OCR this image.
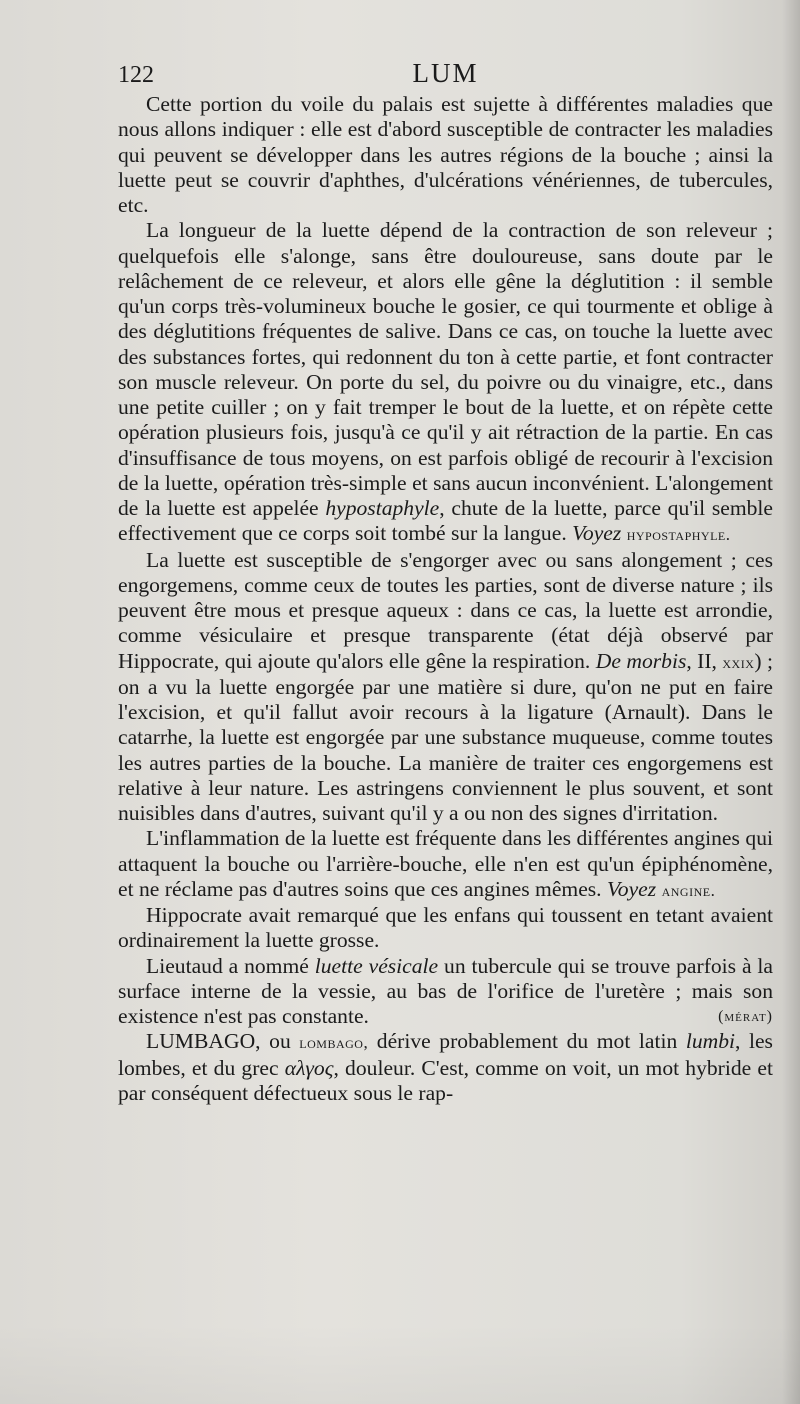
122	LUM

Cette portion du voile du palais est sujette à différentes maladies que nous allons indiquer : elle est d'abord susceptible de contracter les maladies qui peuvent se développer dans les autres régions de la bouche ; ainsi la luette peut se couvrir d'aphthes, d'ulcérations vénériennes, de tubercules, etc.

La longueur de la luette dépend de la contraction de son releveur ; quelquefois elle s'alonge, sans être douloureuse, sans doute par le relâchement de ce releveur, et alors elle gêne la déglutition : il semble qu'un corps très-volumineux bouche le gosier, ce qui tourmente et oblige à des déglutitions fréquentes de salive. Dans ce cas, on touche la luette avec des substances fortes, qui redonnent du ton à cette partie, et font contracter son muscle releveur. On porte du sel, du poivre ou du vinaigre, etc., dans une petite cuiller ; on y fait tremper le bout de la luette, et on répète cette opération plusieurs fois, jusqu'à ce qu'il y ait rétraction de la partie. En cas d'insuffisance de tous moyens, on est parfois obligé de recourir à l'excision de la luette, opération très-simple et sans aucun inconvénient. L'alongement de la luette est appelée hypostaphyle, chute de la luette, parce qu'il semble effectivement que ce corps soit tombé sur la langue. Voyez hypostaphyle.

La luette est susceptible de s'engorger avec ou sans alongement ; ces engorgemens, comme ceux de toutes les parties, sont de diverse nature ; ils peuvent être mous et presque aqueux : dans ce cas, la luette est arrondie, comme vésiculaire et presque transparente (état déjà observé par Hippocrate, qui ajoute qu'alors elle gêne la respiration. De morbis, II, xxix) ; on a vu la luette engorgée par une matière si dure, qu'on ne put en faire l'excision, et qu'il fallut avoir recours à la ligature (Arnault). Dans le catarrhe, la luette est engorgée par une substance muqueuse, comme toutes les autres parties de la bouche. La manière de traiter ces engorgemens est relative à leur nature. Les astringens conviennent le plus souvent, et sont nuisibles dans d'autres, suivant qu'il y a ou non des signes d'irritation.

L'inflammation de la luette est fréquente dans les différentes angines qui attaquent la bouche ou l'arrière-bouche, elle n'en est qu'un épiphénomène, et ne réclame pas d'autres soins que ces angines mêmes. Voyez angine.

Hippocrate avait remarqué que les enfans qui toussent en tetant avaient ordinairement la luette grosse.

Lieutaud a nommé luette vésicale un tubercule qui se trouve parfois à la surface interne de la vessie, au bas de l'orifice de l'uretère ; mais son existence n'est pas constante.	(mérat)

LUMBAGO, ou lombago, dérive probablement du mot latin lumbi, les lombes, et du grec αλγος, douleur. C'est, comme on voit, un mot hybride et par conséquent défectueux sous le rap-
